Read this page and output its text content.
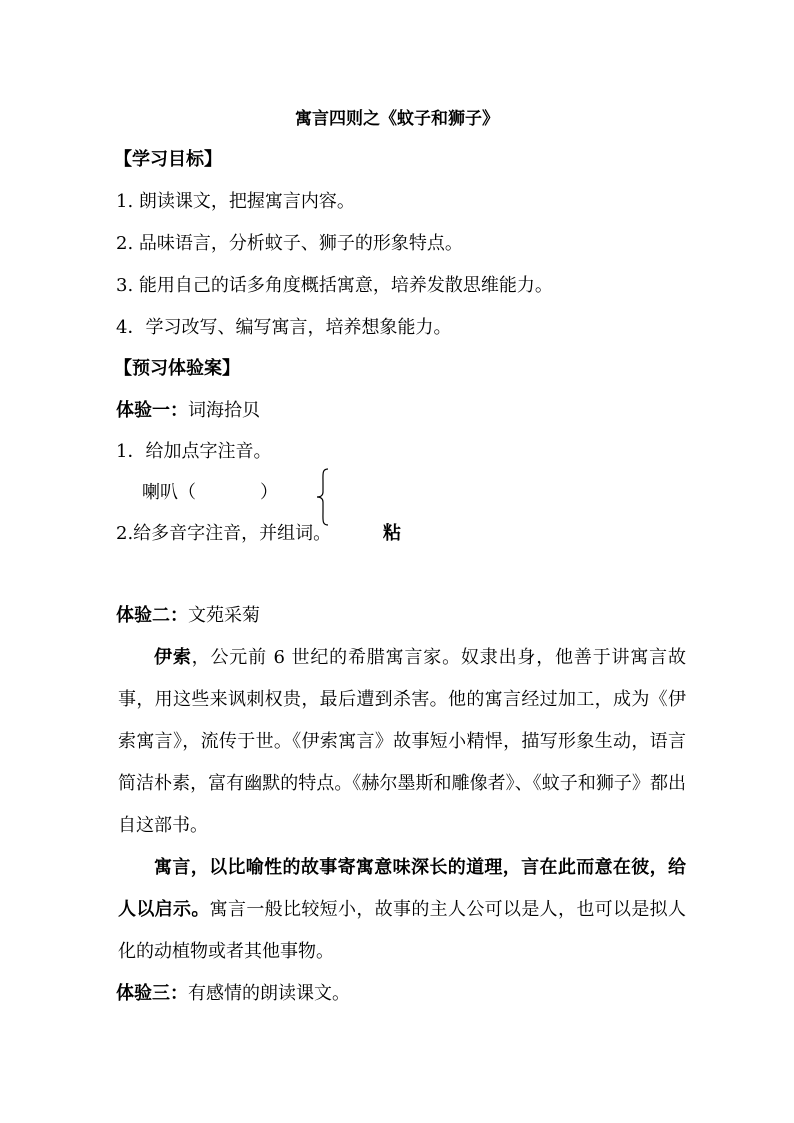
寓言四则之《蚊子和狮子》
【学习目标】
1. 朗读课文，把握寓言内容。
2. 品味语言，分析蚊子、狮子的形象特点。
3. 能用自己的话多角度概括寓意，培养发散思维能力。
4．学习改写、编写寓言，培养想象能力。
【预习体验案】
体验一：词海拾贝
1．给加点字注音。
喇叭（	）
2.给多音字注音，并组词。	粘
体验二：文苑采菊
伊索，公元前 6 世纪的希腊寓言家。奴隶出身，他善于讲寓言故事，用这些来讽刺权贵，最后遭到杀害。他的寓言经过加工，成为《伊索寓言》，流传于世。《伊索寓言》故事短小精悍，描写形象生动，语言简洁朴素，富有幽默的特点。《赫尔墨斯和雕像者》、《蚊子和狮子》都出自这部书。
寓言，以比喻性的故事寄寓意味深长的道理，言在此而意在彼，给人以启示。寓言一般比较短小，故事的主人公可以是人，也可以是拟人化的动植物或者其他事物。
体验三：有感情的朗读课文。
